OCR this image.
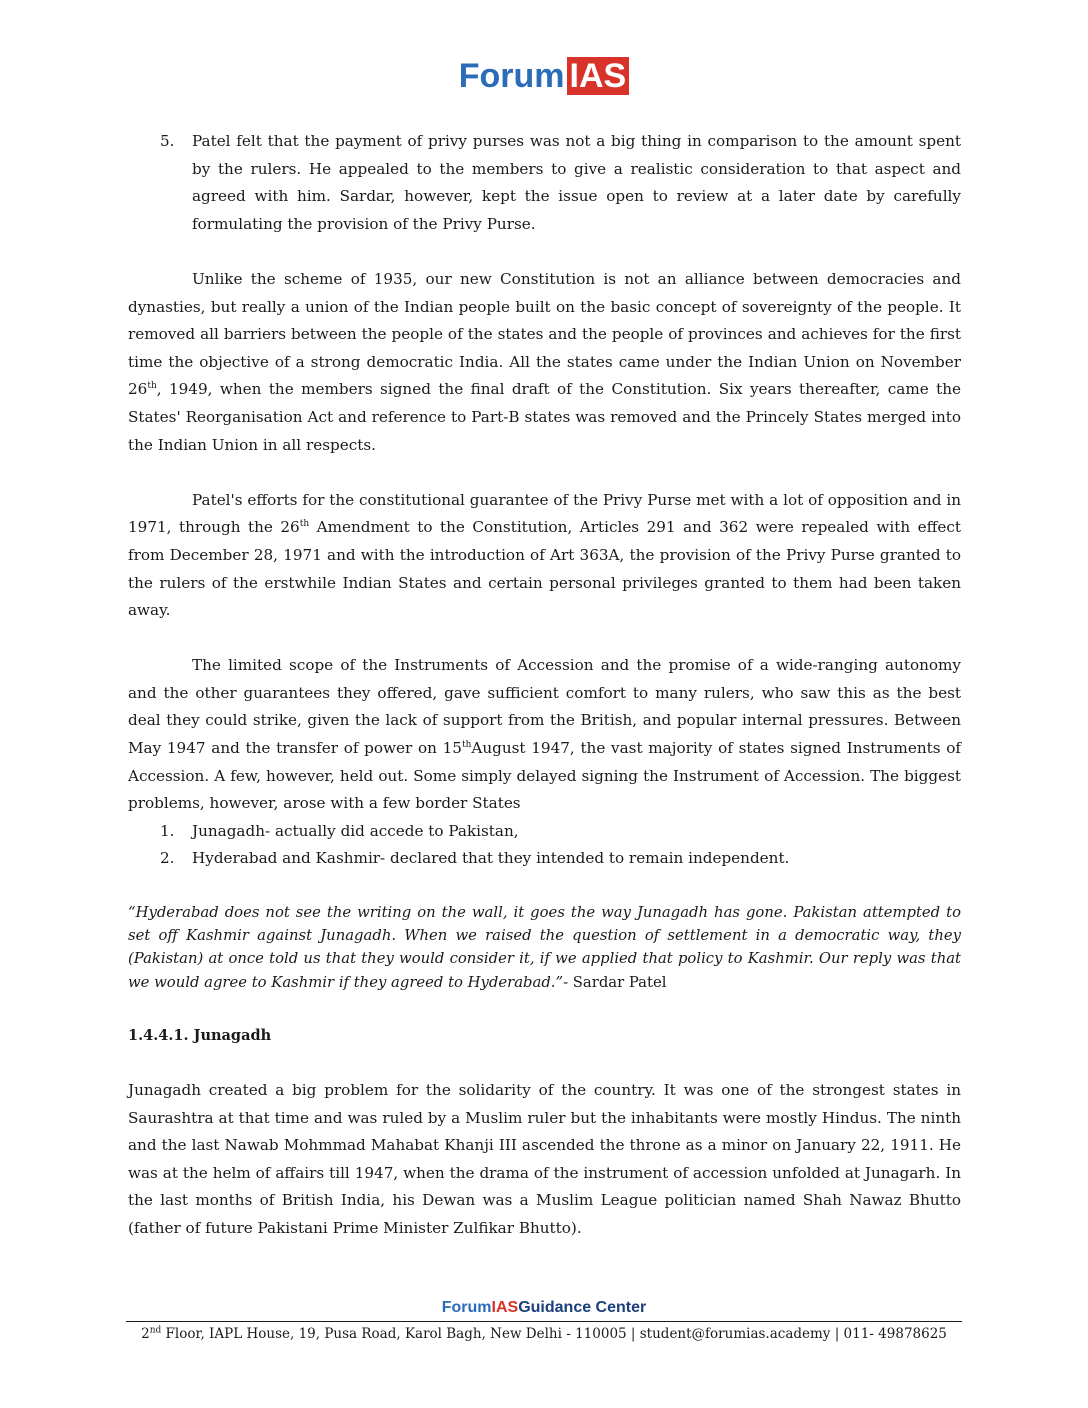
Forum IAS
5.	Patel felt that the payment of privy purses was not a big thing in comparison to the amount spent by the rulers. He appealed to the members to give a realistic consideration to that aspect and agreed with him. Sardar, however, kept the issue open to review at a later date by carefully formulating the provision of the Privy Purse.

Unlike the scheme of 1935, our new Constitution is not an alliance between democracies and dynasties, but really a union of the Indian people built on the basic concept of sovereignty of the people. It removed all barriers between the people of the states and the people of provinces and achieves for the first time the objective of a strong democratic India. All the states came under the Indian Union on November 26th, 1949, when the members signed the final draft of the Constitution. Six years thereafter, came the States' Reorganisation Act and reference to Part-B states was removed and the Princely States merged into the Indian Union in all respects.

Patel's efforts for the constitutional guarantee of the Privy Purse met with a lot of opposition and in 1971, through the 26th Amendment to the Constitution, Articles 291 and 362 were repealed with effect from December 28, 1971 and with the introduction of Art 363A, the provision of the Privy Purse granted to the rulers of the erstwhile Indian States and certain personal privileges granted to them had been taken away.

The limited scope of the Instruments of Accession and the promise of a wide-ranging autonomy and the other guarantees they offered, gave sufficient comfort to many rulers, who saw this as the best deal they could strike, given the lack of support from the British, and popular internal pressures. Between May 1947 and the transfer of power on 15thAugust 1947, the vast majority of states signed Instruments of Accession. A few, however, held out. Some simply delayed signing the Instrument of Accession. The biggest problems, however, arose with a few border States

1.	Junagadh- actually did accede to Pakistan,
2.	Hyderabad and Kashmir- declared that they intended to remain independent.

“Hyderabad does not see the writing on the wall, it goes the way Junagadh has gone. Pakistan attempted to set off Kashmir against Junagadh. When we raised the question of settlement in a democratic way, they (Pakistan) at once told us that they would consider it, if we applied that policy to Kashmir. Our reply was that we would agree to Kashmir if they agreed to Hyderabad.”- Sardar Patel

1.4.4.1. Junagadh

Junagadh created a big problem for the solidarity of the country. It was one of the strongest states in Saurashtra at that time and was ruled by a Muslim ruler but the inhabitants were mostly Hindus. The ninth and the last Nawab Mohmmad Mahabat Khanji III ascended the throne as a minor on January 22, 1911. He was at the helm of affairs till 1947, when the drama of the instrument of accession unfolded at Junagarh. In the last months of British India, his Dewan was a Muslim League politician named Shah Nawaz Bhutto (father of future Pakistani Prime Minister Zulfikar Bhutto).

ForumIASGuidance Center
2nd Floor, IAPL House, 19, Pusa Road, Karol Bagh, New Delhi - 110005 | student@forumias.academy | 011- 49878625
